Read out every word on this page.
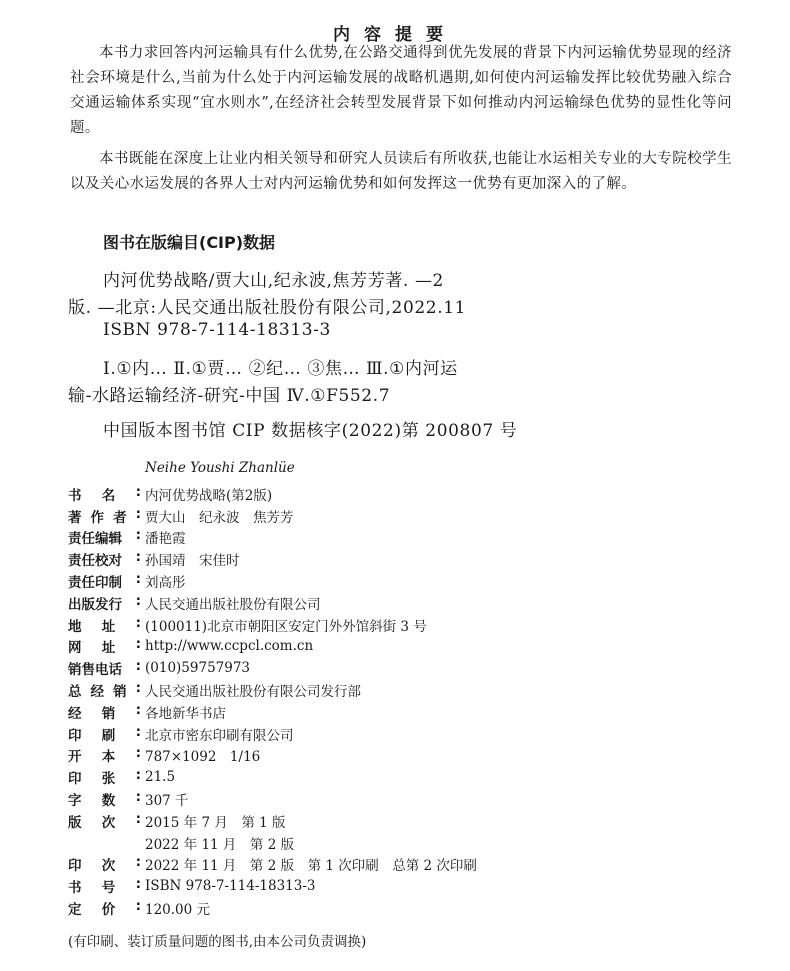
内容提要

本书力求回答内河运输具有什么优势,在公路交通得到优先发展的背景下内河运输优势显现的经济社会环境是什么,当前为什么处于内河运输发展的战略机遇期,如何使内河运输发挥比较优势融入综合交通运输体系实现“宜水则水”,在经济社会转型发展背景下如何推动内河运输绿色优势的显性化等问题。

本书既能在深度上让业内相关领导和研究人员读后有所收获,也能让水运相关专业的大专院校学生以及关心水运发展的各界人士对内河运输优势和如何发挥这一优势有更加深入的了解。

图书在版编目(CIP)数据
内河优势战略/贾大山,纪永波,焦芳芳著. —2
版. —北京:人民交通出版社股份有限公司,2022.11
ISBN 978-7-114-18313-3
Ⅰ.①内… Ⅱ.①贾… ②纪… ③焦… Ⅲ.①内河运
输-水路运输经济-研究-中国 Ⅳ.①F552.7
中国版本图书馆 CIP 数据核字(2022)第 200807 号
Neihe Youshi Zhanlüe
书 名 : 内河优势战略(第2版)
著 作 者 : 贾大山　纪永波　焦芳芳
责任编辑 : 潘艳霞
责任校对 : 孙国靖　宋佳时
责任印制 : 刘高彤
出版发行 : 人民交通出版社股份有限公司
地 址 : (100011)北京市朝阳区安定门外外馆斜街 3 号
网 址 : http://www.ccpcl.com.cn
销售电话 : (010)59757973
总 经 销 : 人民交通出版社股份有限公司发行部
经 销 : 各地新华书店
印 刷 : 北京市密东印刷有限公司
开 本 : 787×1092　1/16
印 张 : 21.5
字 数 : 307 千
版 次 : 2015 年 7 月　第 1 版
2022 年 11 月　第 2 版
印 次 : 2022 年 11 月　第 2 版　第 1 次印刷　总第 2 次印刷
书 号 : ISBN 978-7-114-18313-3
定 价 : 120.00 元
(有印刷、装订质量问题的图书,由本公司负责调换)
